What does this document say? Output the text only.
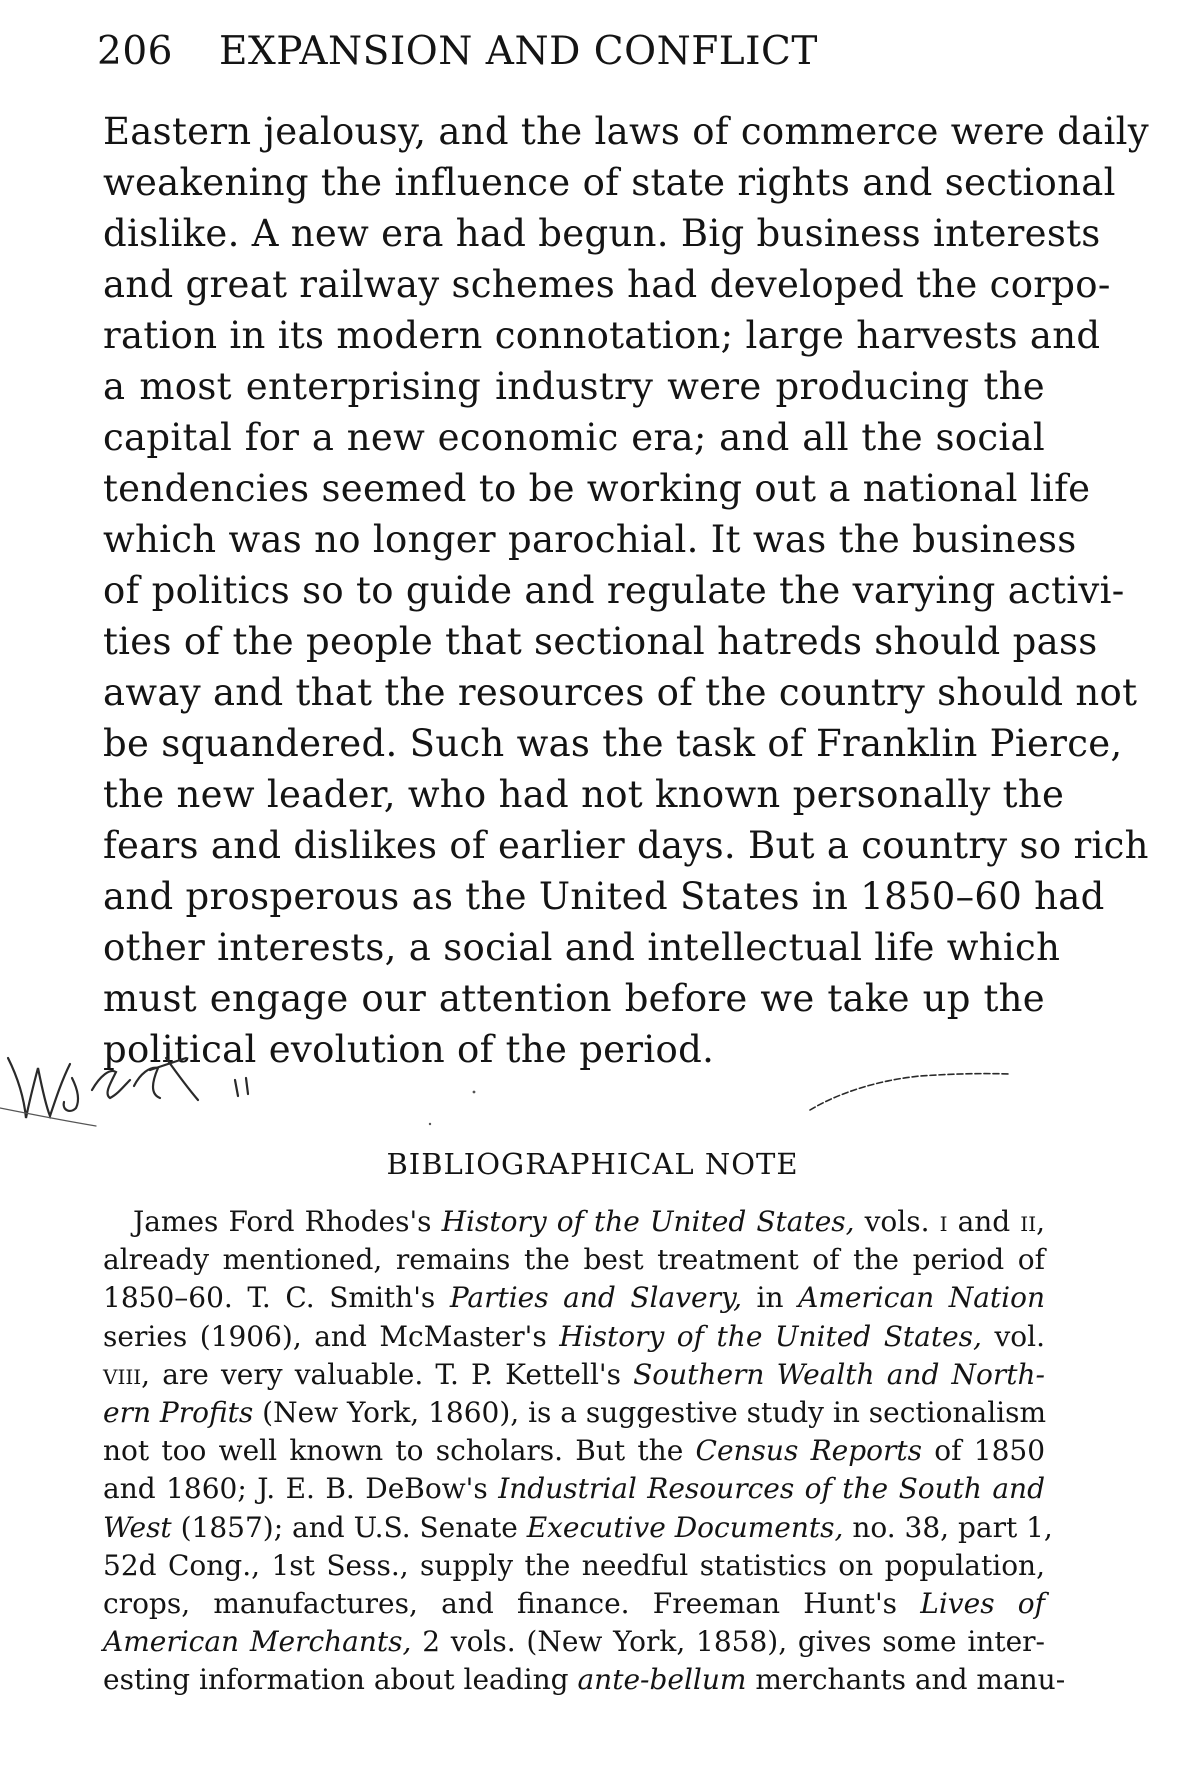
206 EXPANSION AND CONFLICT
Eastern jealousy, and the laws of commerce were daily
weakening the influence of state rights and sectional
dislike. A new era had begun. Big business interests
and great railway schemes had developed the corpo-
ration in its modern connotation; large harvests and
a most enterprising industry were producing the
capital for a new economic era; and all the social
tendencies seemed to be working out a national life
which was no longer parochial. It was the business
of politics so to guide and regulate the varying activi-
ties of the people that sectional hatreds should pass
away and that the resources of the country should not
be squandered. Such was the task of Franklin Pierce,
the new leader, who had not known personally the
fears and dislikes of earlier days. But a country so rich
and prosperous as the United States in 1850–60 had
other interests, a social and intellectual life which
must engage our attention before we take up the
political evolution of the period.
BIBLIOGRAPHICAL NOTE
James Ford Rhodes's History of the United States, vols. i and ii,
already mentioned, remains the best treatment of the period of
1850–60. T. C. Smith's Parties and Slavery, in American Nation
series (1906), and McMaster's History of the United States, vol.
viii, are very valuable. T. P. Kettell's Southern Wealth and North-
ern Profits (New York, 1860), is a suggestive study in sectionalism
not too well known to scholars. But the Census Reports of 1850
and 1860; J. E. B. DeBow's Industrial Resources of the South and
West (1857); and U.S. Senate Executive Documents, no. 38, part 1,
52d Cong., 1st Sess., supply the needful statistics on population,
crops, manufactures, and finance. Freeman Hunt's Lives of
American Merchants, 2 vols. (New York, 1858), gives some inter-
esting information about leading ante-bellum merchants and manu-
